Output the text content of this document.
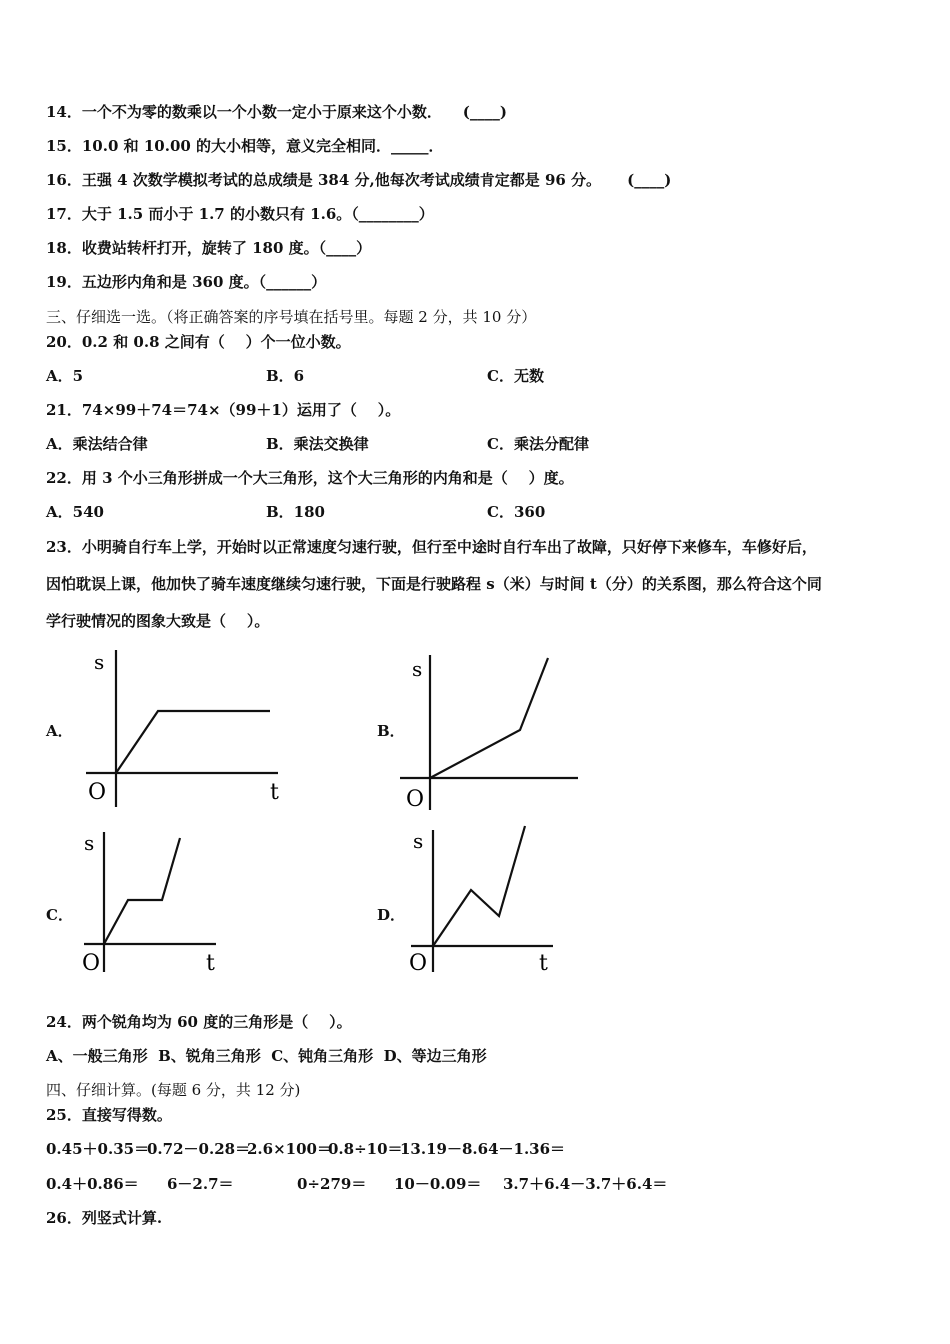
14．一个不为零的数乘以一个小数一定小于原来这个小数．    (____)
15．10.0 和 10.00 的大小相等，意义完全相同．_____．
16．王强 4 次数学模拟考试的总成绩是 384 分,他每次考试成绩肯定都是 96 分。     (____)
17．大于 1.5 而小于 1.7 的小数只有 1.6。（________）
18．收费站转杆打开，旋转了 180 度。（____）
19．五边形内角和是 360 度。（______）
三、仔细选一选。（将正确答案的序号填在括号里。每题 2 分，共 10 分）
20．0.2 和 0.8 之间有（    ）个一位小数。
A．5	B．6	C．无数
21．74×99＋74＝74×（99＋1）运用了（    ）。
A．乘法结合律	B．乘法交换律	C．乘法分配律
22．用 3 个小三角形拼成一个大三角形，这个大三角形的内角和是（    ）度。
A．540	B．180	C．360
23．小明骑自行车上学，开始时以正常速度匀速行驶，但行至中途时自行车出了故障，只好停下来修车，车修好后，
因怕耽误上课，他加快了骑车速度继续匀速行驶，下面是行驶路程 s（米）与时间 t（分）的关系图，那么符合这个同
学行驶情况的图象大致是（    ）。
A．
s
O	t
B．
s
O
C．
s
O	t
D．
s
O	t
24．两个锐角均为 60 度的三角形是（    ）。
A、一般三角形  B、锐角三角形  C、钝角三角形  D、等边三角形
四、仔细计算。(每题 6 分，共 12 分)
25．直接写得数。
0.45＋0.35＝
0.72－0.28＝
2.6×100＝
0.8÷10＝
13.19－8.64－1.36＝
0.4＋0.86＝ 6－2.7＝	0÷279＝ 10－0.09＝ 3.7＋6.4－3.7＋6.4＝
26．列竖式计算.
